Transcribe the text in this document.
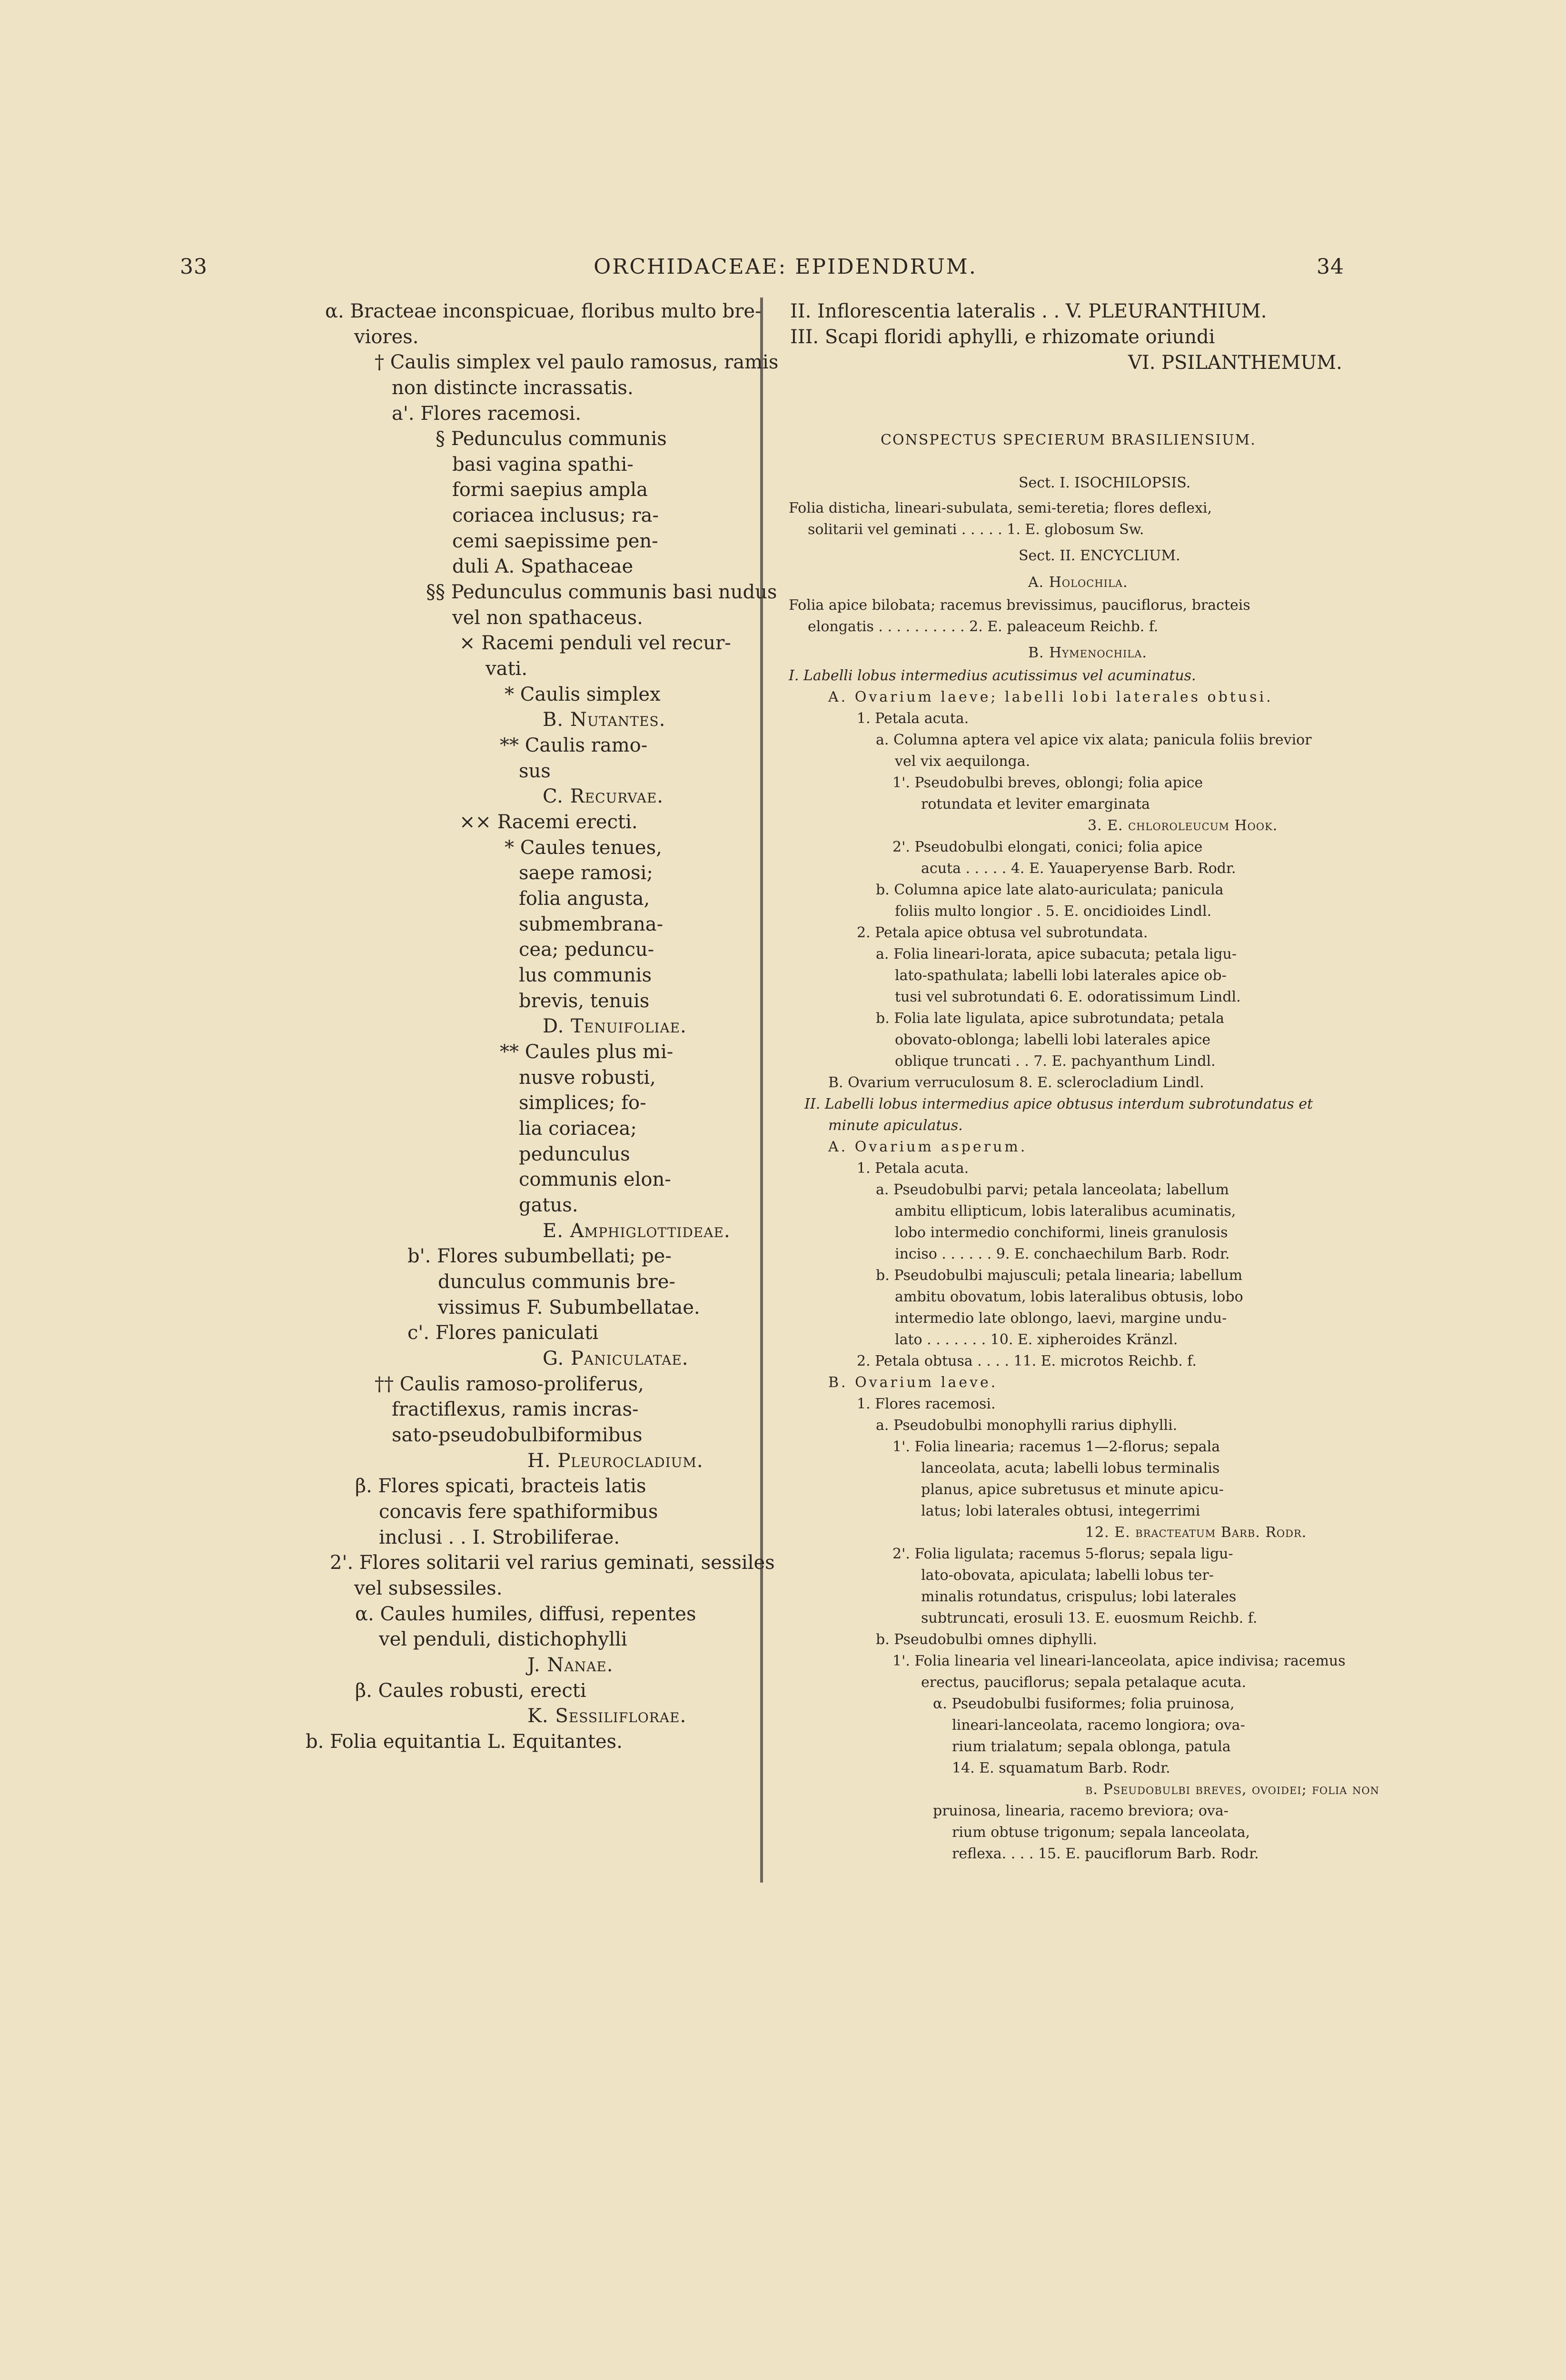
33	ORCHIDACEAE: EPIDENDRUM.	34
α. Bracteae inconspicuae, floribus multo bre-
viores.
† Caulis simplex vel paulo ramosus, ramis
non distincte incrassatis.
a'. Flores racemosi.
§ Pedunculus communis
basi vagina spathi-
formi saepius ampla
coriacea inclusus; ra-
cemi saepissime pen-
duli A. Spathaceae
§§ Pedunculus communis basi nudus
vel non spathaceus.
× Racemi penduli vel recur-
vati.
* Caulis simplex
B. Nutantes.
** Caulis ramo-
sus
C. Recurvae.
×× Racemi erecti.
* Caules tenues,
saepe ramosi;
folia angusta,
submembrana-
cea; peduncu-
lus communis
brevis, tenuis
D. Tenuifoliae.
** Caules plus mi-
nusve robusti,
simplices; fo-
lia coriacea;
pedunculus
communis elon-
gatus.
E. Amphiglottideae.
b'. Flores subumbellati; pe-
dunculus communis bre-
vissimus F. Subumbellatae.
c'. Flores paniculati
G. Paniculatae.
†† Caulis ramoso-proliferus,
fractiflexus, ramis incras-
sato-pseudobulbiformibus
H. Pleurocladium.
β. Flores spicati, bracteis latis
concavis fere spathiformibus
inclusi . . I. Strobiliferae.
2'. Flores solitarii vel rarius geminati, sessiles
vel subsessiles.
α. Caules humiles, diffusi, repentes
vel penduli, distichophylli
J. Nanae.
β. Caules robusti, erecti
K. Sessiliflorae.
b. Folia equitantia L. Equitantes.
II. Inflorescentia lateralis . . V. PLEURANTHIUM.
III. Scapi floridi aphylli, e rhizomate oriundi
VI. PSILANTHEMUM.
CONSPECTUS SPECIERUM BRASILIENSIUM.
Sect. I. ISOCHILOPSIS.
Folia disticha, lineari-subulata, semi-teretia; flores deflexi,
solitarii vel geminati . . . . . 1. E. globosum Sw.
Sect. II. ENCYCLIUM.
A. Holochila.
Folia apice bilobata; racemus brevissimus, pauciflorus, bracteis
elongatis . . . . . . . . . . 2. E. paleaceum Reichb. f.
B. Hymenochila.
I. Labelli lobus intermedius acutissimus vel acuminatus.
A. Ovarium laeve; labelli lobi laterales obtusi.
1. Petala acuta.
a. Columna aptera vel apice vix alata; panicula foliis brevior
vel vix aequilonga.
1'. Pseudobulbi breves, oblongi; folia apice
rotundata et leviter emarginata
3. E. chloroleucum Hook.
2'. Pseudobulbi elongati, conici; folia apice
acuta . . . . . 4. E. Yauaperyense Barb. Rodr.
b. Columna apice late alato-auriculata; panicula
foliis multo longior . 5. E. oncidioides Lindl.
2. Petala apice obtusa vel subrotundata.
a. Folia lineari-lorata, apice subacuta; petala ligu-
lato-spathulata; labelli lobi laterales apice ob-
tusi vel subrotundati 6. E. odoratissimum Lindl.
b. Folia late ligulata, apice subrotundata; petala
obovato-oblonga; labelli lobi laterales apice
oblique truncati . . 7. E. pachyanthum Lindl.
B. Ovarium verruculosum 8. E. sclerocladium Lindl.
II. Labelli lobus intermedius apice obtusus interdum subrotundatus et
minute apiculatus.
A. Ovarium asperum.
1. Petala acuta.
a. Pseudobulbi parvi; petala lanceolata; labellum
ambitu ellipticum, lobis lateralibus acuminatis,
lobo intermedio conchiformi, lineis granulosis
inciso . . . . . . 9. E. conchaechilum Barb. Rodr.
b. Pseudobulbi majusculi; petala linearia; labellum
ambitu obovatum, lobis lateralibus obtusis, lobo
intermedio late oblongo, laevi, margine undu-
lato . . . . . . . 10. E. xipheroides Kränzl.
2. Petala obtusa . . . . 11. E. microtos Reichb. f.
B. Ovarium laeve.
1. Flores racemosi.
a. Pseudobulbi monophylli rarius diphylli.
1'. Folia linearia; racemus 1—2-florus; sepala
lanceolata, acuta; labelli lobus terminalis
planus, apice subretusus et minute apicu-
latus; lobi laterales obtusi, integerrimi
12. E. bracteatum Barb. Rodr.
2'. Folia ligulata; racemus 5-florus; sepala ligu-
lato-obovata, apiculata; labelli lobus ter-
minalis rotundatus, crispulus; lobi laterales
subtruncati, erosuli 13. E. euosmum Reichb. f.
b. Pseudobulbi omnes diphylli.
1'. Folia linearia vel lineari-lanceolata, apice indivisa; racemus
erectus, pauciflorus; sepala petalaque acuta.
α. Pseudobulbi fusiformes; folia pruinosa,
lineari-lanceolata, racemo longiora; ova-
rium trialatum; sepala oblonga, patula
14. E. squamatum Barb. Rodr.
β. Pseudobulbi breves, ovoidei; folia non
pruinosa, linearia, racemo breviora; ova-
rium obtuse trigonum; sepala lanceolata,
reflexa. . . . 15. E. pauciflorum Barb. Rodr.
